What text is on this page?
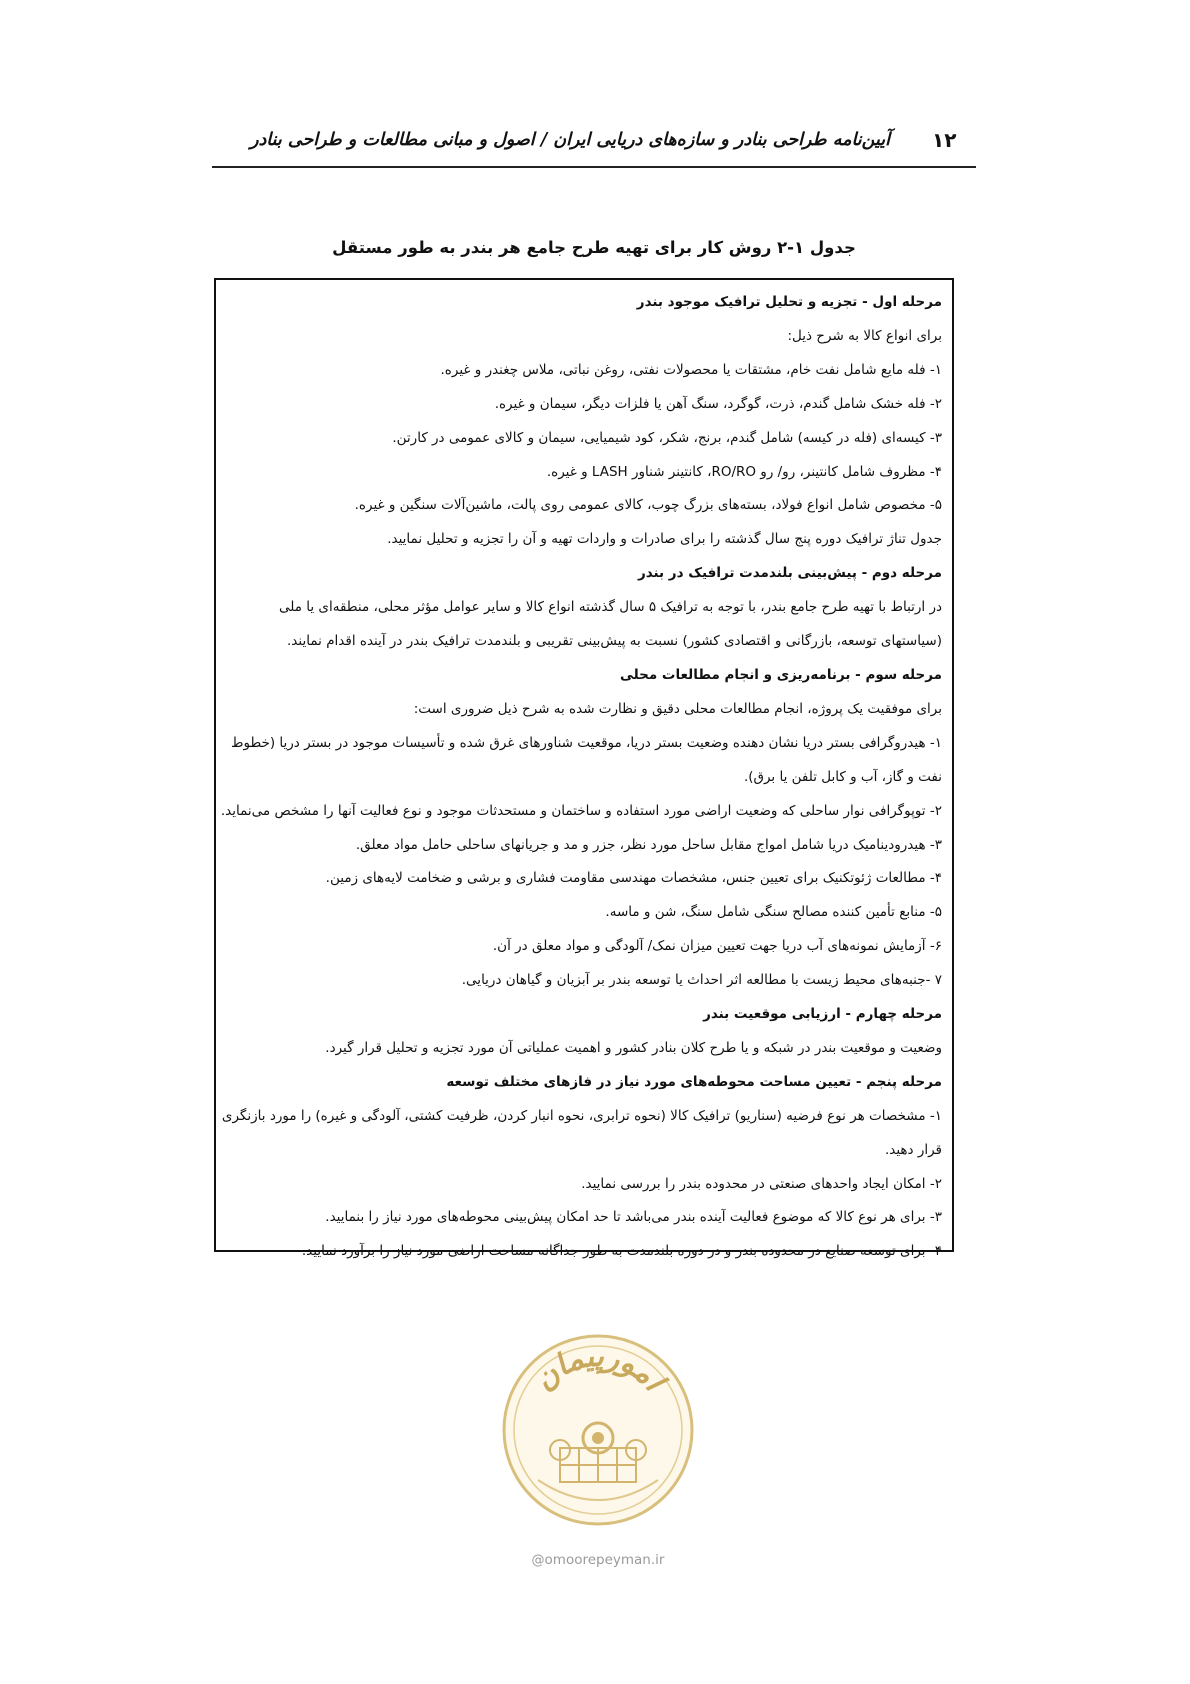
۱۲
آیین‌نامه طراحی بنادر و سازه‌های دریایی ایران / اصول و مبانی مطالعات و طراحی بنادر
جدول ۱-۲ روش کار برای تهیه طرح جامع هر بندر به طور مستقل
مرحله اول - تجزیه و تحلیل ترافیک موجود بندر
برای انواع کالا به شرح ذیل:
۱- فله مایع شامل نفت خام، مشتقات یا محصولات نفتی، روغن نباتی، ملاس چغندر و غیره.
۲- فله خشک شامل گندم، ذرت، گوگرد، سنگ آهن یا فلزات دیگر، سیمان و غیره.
۳- کیسه‌ای (فله در کیسه) شامل گندم، برنج، شکر، کود شیمیایی، سیمان و کالای عمومی در کارتن.
۴- مظروف شامل کانتینر، رو/ رو RO/RO، کانتینر شناور LASH و غیره.
۵- مخصوص شامل انواع فولاد، بسته‌های بزرگ چوب، کالای عمومی روی پالت، ماشین‌آلات سنگین و غیره.
جدول تناژ ترافیک دوره پنج سال گذشته را برای صادرات و واردات تهیه و آن را تجزیه و تحلیل نمایید.
مرحله دوم - پیش‌بینی بلندمدت ترافیک در بندر
در ارتباط با تهیه طرح جامع بندر، با توجه به ترافیک ۵ سال گذشته انواع کالا و سایر عوامل مؤثر محلی، منطقه‌ای یا ملی
(سیاستهای توسعه، بازرگانی و اقتصادی کشور) نسبت به پیش‌بینی تقریبی و بلندمدت ترافیک بندر در آینده اقدام نمایند.
مرحله سوم - برنامه‌ریزی و انجام مطالعات محلی
برای موفقیت یک پروژه، انجام مطالعات محلی دقیق و نظارت شده به شرح ذیل ضروری است:
۱- هیدروگرافی بستر دریا نشان دهنده وضعیت بستر دریا، موقعیت شناورهای غرق شده و تأسیسات موجود در بستر دریا (خطوط
نفت و گاز، آب و کابل تلفن یا برق).
۲- توپوگرافی نوار ساحلی که وضعیت اراضی مورد استفاده و ساختمان و مستحدثات موجود و نوع فعالیت آنها را مشخص می‌نماید.
۳- هیدرودینامیک دریا شامل امواج مقابل ساحل مورد نظر، جزر و مد و جریانهای ساحلی حامل مواد معلق.
۴- مطالعات ژئوتکنیک برای تعیین جنس، مشخصات مهندسی مقاومت فشاری و برشی و ضخامت لایه‌های زمین.
۵- منابع تأمین کننده مصالح سنگی شامل سنگ، شن و ماسه.
۶- آزمایش نمونه‌های آب دریا جهت تعیین میزان نمک/ آلودگی و مواد معلق در آن.
۷ -جنبه‌های محیط زیست با مطالعه اثر احداث یا توسعه بندر بر آبزیان و گیاهان دریایی.
مرحله چهارم - ارزیابی موقعیت بندر
وضعیت و موقعیت بندر در شبکه و یا طرح کلان بنادر کشور و اهمیت عملیاتی آن مورد تجزیه و تحلیل قرار گیرد.
مرحله پنجم - تعیین مساحت محوطه‌های مورد نیاز در فازهای مختلف توسعه
۱- مشخصات هر نوع فرضیه (سناریو) ترافیک کالا (نحوه ترابری، نحوه انبار کردن، ظرفیت کشتی، آلودگی و غیره) را مورد بازنگری
قرار دهید.
۲- امکان ایجاد واحدهای صنعتی در محدوده بندر را بررسی نمایید.
۳- برای هر نوع کالا که موضوع فعالیت آینده بندر می‌باشد تا حد امکان پیش‌بینی محوطه‌های مورد نیاز را بنمایید.
۴- برای توسعه صنایع در محدوده بندر و در دوره بلندمدت به طور جداگانه مساحت اراضی مورد نیاز را برآورد نمایید.
امورپیمان
@omoorepeyman.ir
